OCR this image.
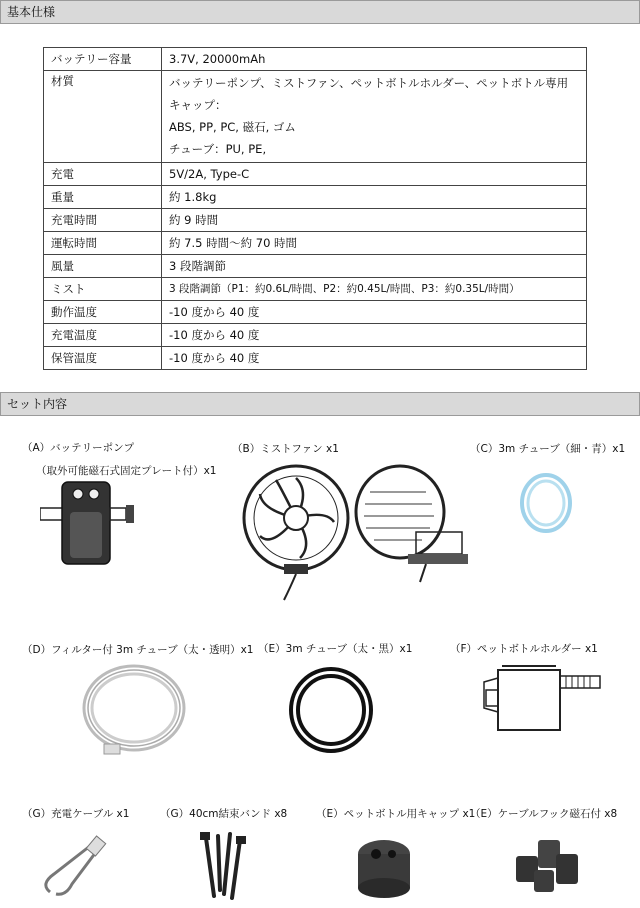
基本仕様
バッテリー容量	3.7V, 20000mAh
材質	バッテリーポンプ、ミストファン、ペットボトルホルダー、ペットボトル専用キャップ：
ABS, PP, PC, 磁石, ゴム
チューブ：PU, PE,

充電	5V/2A, Type-C
重量	約 1.8kg
充電時間	約 9 時間
運転時間	約 7.5 時間～約 70 時間
風量	3 段階調節
ミスト	3 段階調節（P1：約0.6L/時間、P2：約0.45L/時間、P3：約0.35L/時間）
動作温度	-10 度から 40 度
充電温度	-10 度から 40 度
保管温度	-10 度から 40 度
セット内容
（A）バッテリーポンプ
（取外可能磁石式固定プレート付）x1
（B）ミストファン x1	（C）3m チューブ（細・青）x1
（D）フィルター付 3m チューブ（太・透明）x1 （E）3m チューブ（太・黒）x1	（F）ペットボトルホルダー x1
（G）充電ケーブル x1	（G）40cm結束バンド x8	（E）ペットボトル用キャップ x1
（E）ケーブルフック磁石付 x8
